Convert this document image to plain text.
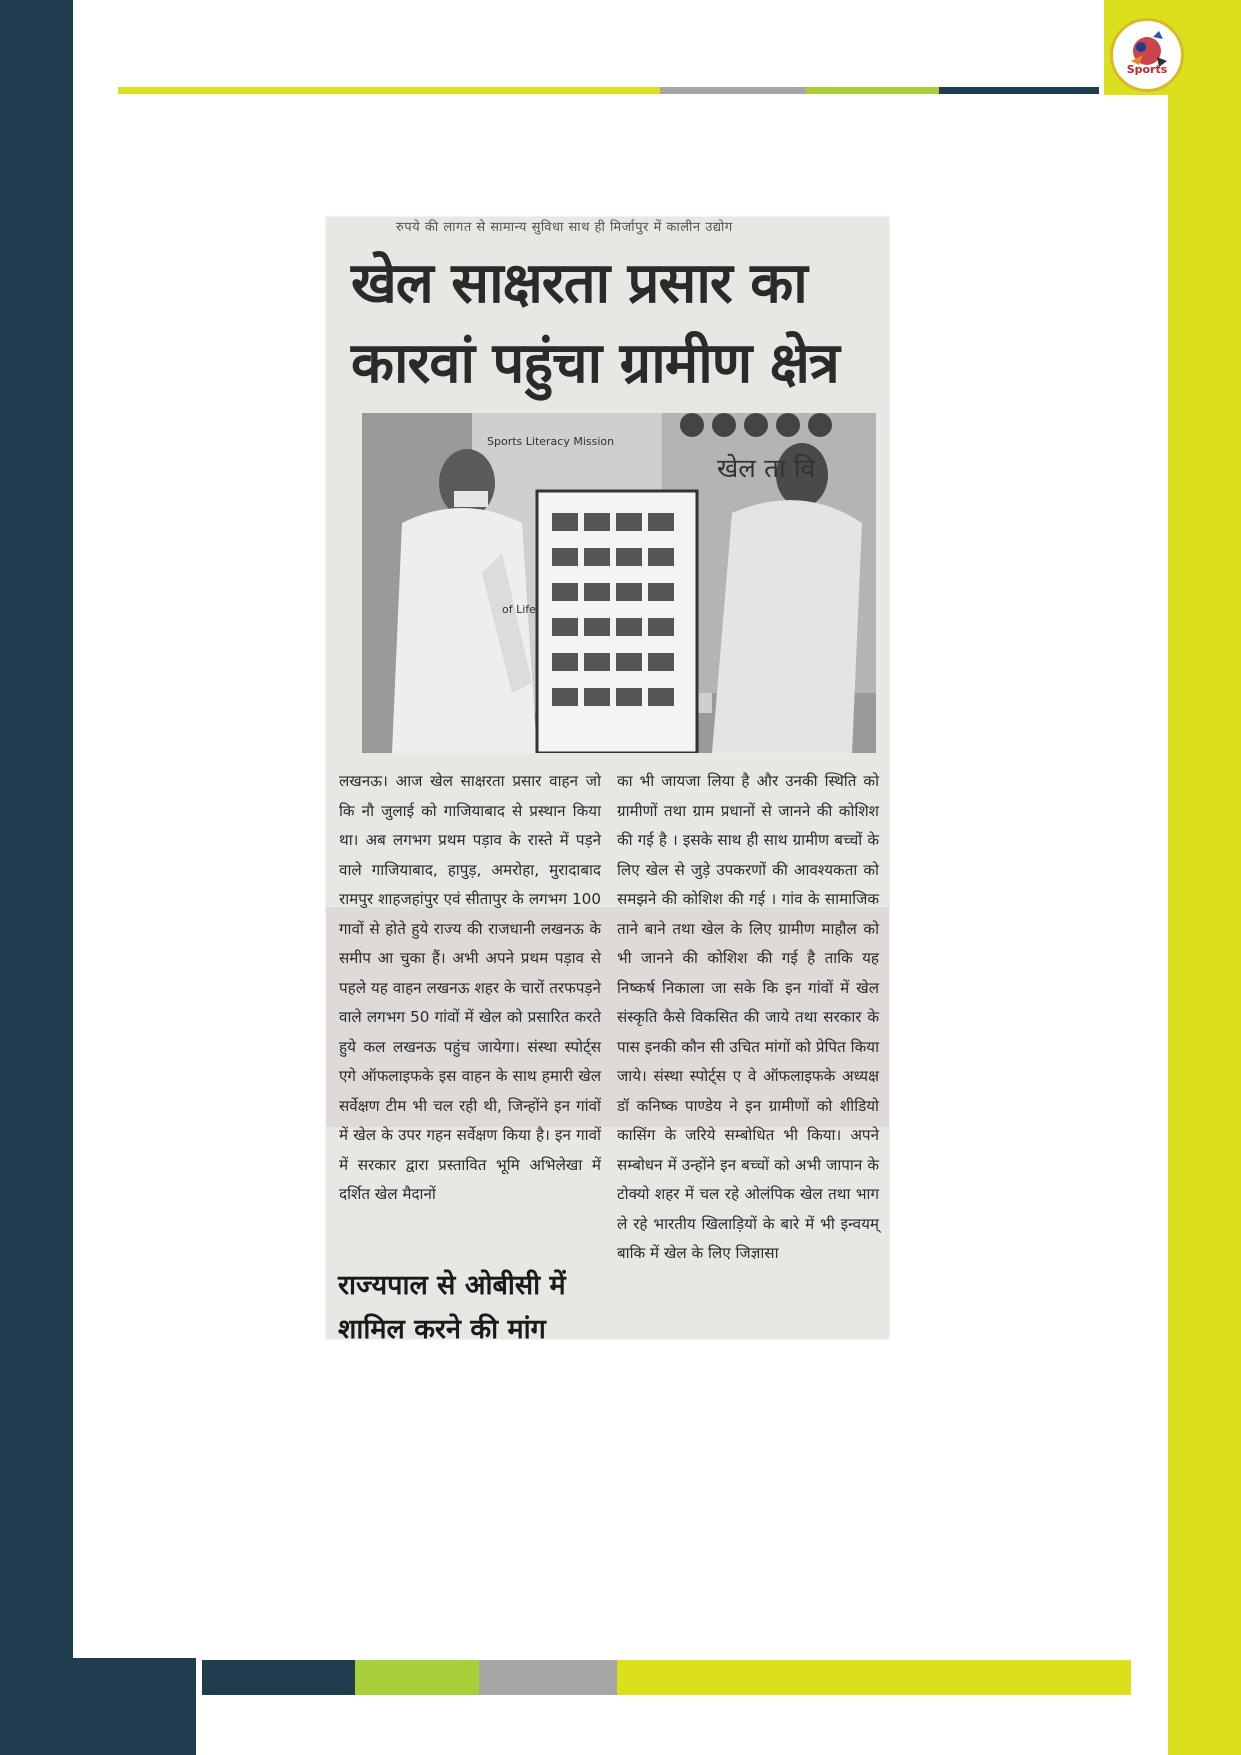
Sports
रुपये की लागत से सामान्य सुविधा साथ ही मिर्जापुर में कालीन उद्योग
खेल साक्षरता प्रसार का
कारवां पहुंचा ग्रामीण क्षेत्र
Sports Literacy Mission
खेल ता वि
of Life
लखनऊ। आज खेल साक्षरता प्रसार वाहन जो कि नौ जुलाई को गाजियाबाद से प्रस्थान किया था। अब लगभग प्रथम पड़ाव के रास्ते में पड़ने वाले गाजियाबाद, हापुड़, अमरोहा, मुरादाबाद रामपुर शाहजहांपुर एवं सीतापुर के लगभग 100 गावों से होते हुये राज्य की राजधानी लखनऊ के समीप आ चुका हैं। अभी अपने प्रथम पड़ाव से पहले यह वाहन लखनऊ शहर के चारों तरफपड़ने वाले लगभग 50 गांवों में खेल को प्रसारित करते हुये कल लखनऊ पहुंच जायेगा। संस्था स्पोर्ट्स एगे ऑफलाइफके इस वाहन के साथ हमारी खेल सर्वेक्षण टीम भी चल रही थी, जिन्होंने इन गांवों में खेल के उपर गहन सर्वेक्षण किया है। इन गावों में सरकार द्वारा प्रस्तावित भूमि अभिलेखा में दर्शित खेल मैदानों
का भी जायजा लिया है और उनकी स्थिति को ग्रामीणों तथा ग्राम प्रधानों से जानने की कोशिश की गई है । इसके साथ ही साथ ग्रामीण बच्चों के लिए खेल से जुड़े उपकरणों की आवश्यकता को समझने की कोशिश की गई । गांव के सामाजिक ताने बाने तथा खेल के लिए ग्रामीण माहौल को भी जानने की कोशिश की गई है ताकि यह निष्कर्ष निकाला जा सके कि इन गांवों में खेल संस्कृति कैसे विकसित की जाये तथा सरकार के पास इनकी कौन सी उचित मांगों को प्रेपित किया जाये। संस्था स्पोर्ट्स ए वे ऑफलाइफके अध्यक्ष डॉ कनिष्क पाण्डेय ने इन ग्रामीणों को शीडियो कासिंग के जरिये सम्बोधित भी किया। अपने सम्बोधन में उन्होंने इन बच्चों को अभी जापान के टोक्यो शहर में चल रहे ओलंपिक खेल तथा भाग ले रहे भारतीय खिलाड़ियों के बारे में भी इन्वयम् बाकि में खेल के लिए जिज्ञासा
राज्यपाल से ओबीसी में शामिल करने की मांग
